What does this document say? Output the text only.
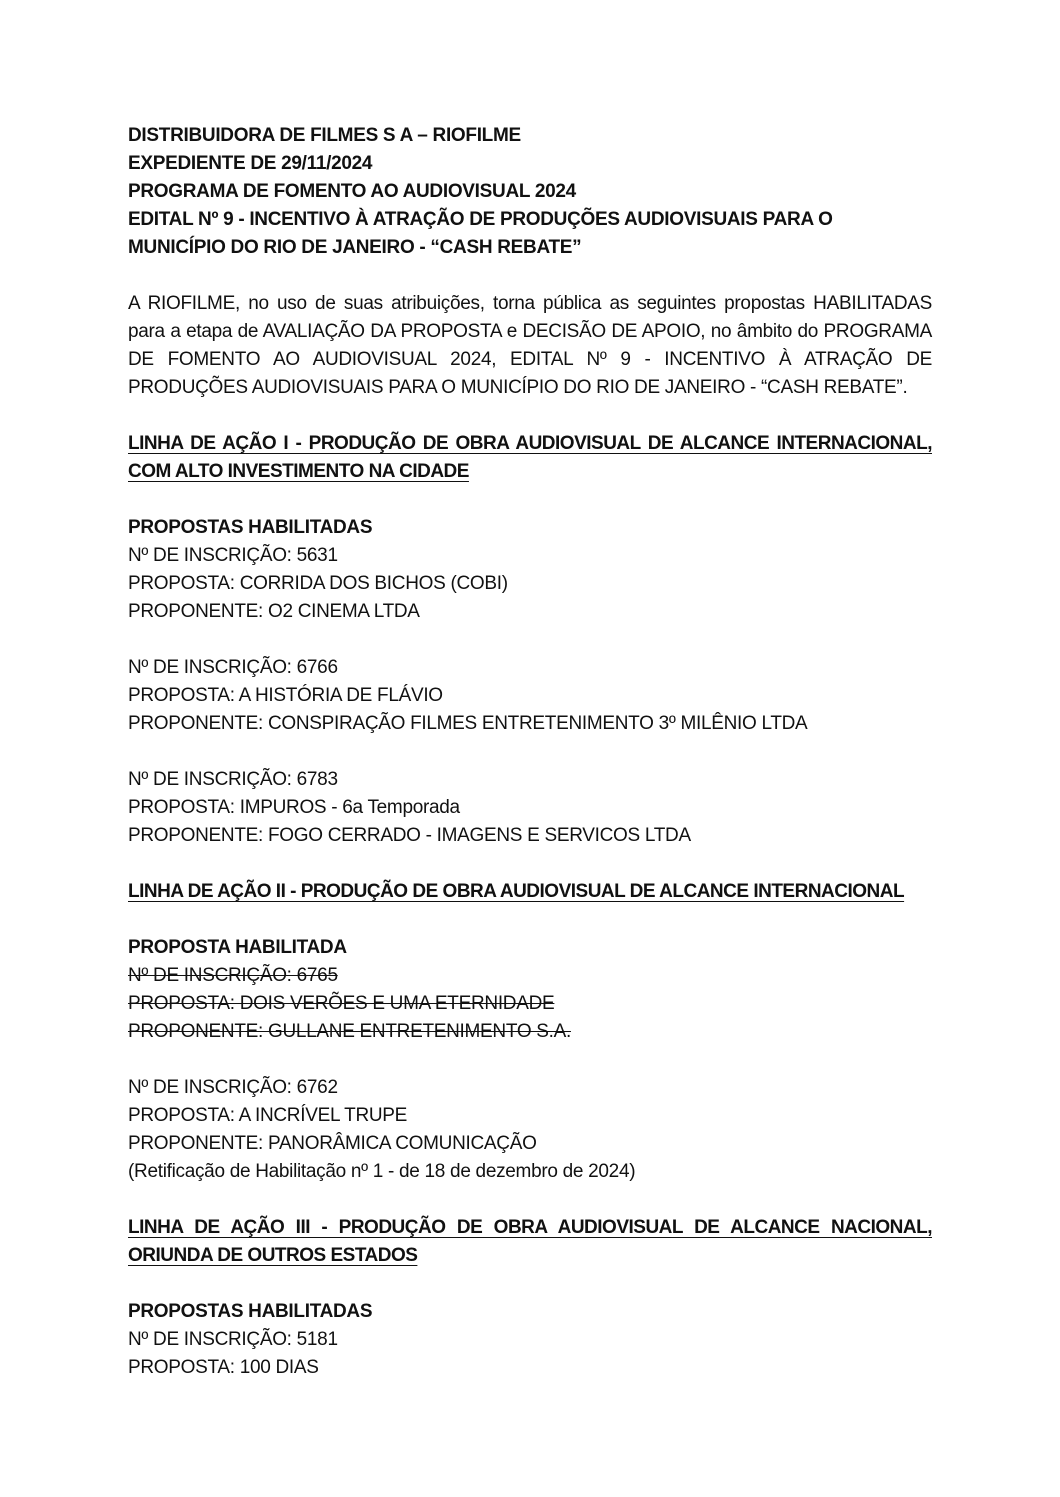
DISTRIBUIDORA DE FILMES S A – RIOFILME

EXPEDIENTE DE 29/11/2024

PROGRAMA DE FOMENTO AO AUDIOVISUAL 2024

EDITAL Nº 9 - INCENTIVO À ATRAÇÃO DE PRODUÇÕES AUDIOVISUAIS PARA O MUNICÍPIO DO RIO DE JANEIRO - “CASH REBATE”

A RIOFILME, no uso de suas atribuições, torna pública as seguintes propostas HABILITADAS para a etapa de AVALIAÇÃO DA PROPOSTA e DECISÃO DE APOIO, no âmbito do PROGRAMA DE FOMENTO AO AUDIOVISUAL 2024, EDITAL Nº 9 - INCENTIVO À ATRAÇÃO DE PRODUÇÕES AUDIOVISUAIS PARA O MUNICÍPIO DO RIO DE JANEIRO - “CASH REBATE”.

LINHA DE AÇÃO I - PRODUÇÃO DE OBRA AUDIOVISUAL DE ALCANCE INTERNACIONAL, COM ALTO INVESTIMENTO NA CIDADE

PROPOSTAS HABILITADAS

Nº DE INSCRIÇÃO: 5631

PROPOSTA: CORRIDA DOS BICHOS (COBI)

PROPONENTE: O2 CINEMA LTDA

Nº DE INSCRIÇÃO: 6766

PROPOSTA: A HISTÓRIA DE FLÁVIO

PROPONENTE: CONSPIRAÇÃO FILMES ENTRETENIMENTO 3º MILÊNIO LTDA

Nº DE INSCRIÇÃO: 6783

PROPOSTA: IMPUROS - 6a Temporada

PROPONENTE: FOGO CERRADO - IMAGENS E SERVICOS LTDA

LINHA DE AÇÃO II - PRODUÇÃO DE OBRA AUDIOVISUAL DE ALCANCE INTERNACIONAL

PROPOSTA HABILITADA

Nº DE INSCRIÇÃO: 6765

PROPOSTA: DOIS VERÕES E UMA ETERNIDADE

PROPONENTE: GULLANE ENTRETENIMENTO S.A.

Nº DE INSCRIÇÃO: 6762

PROPOSTA: A INCRÍVEL TRUPE

PROPONENTE: PANORÂMICA COMUNICAÇÃO

(Retificação de Habilitação nº 1 - de 18 de dezembro de 2024)

LINHA DE AÇÃO III - PRODUÇÃO DE OBRA AUDIOVISUAL DE ALCANCE NACIONAL, ORIUNDA DE OUTROS ESTADOS

PROPOSTAS HABILITADAS

Nº DE INSCRIÇÃO: 5181

PROPOSTA: 100 DIAS
